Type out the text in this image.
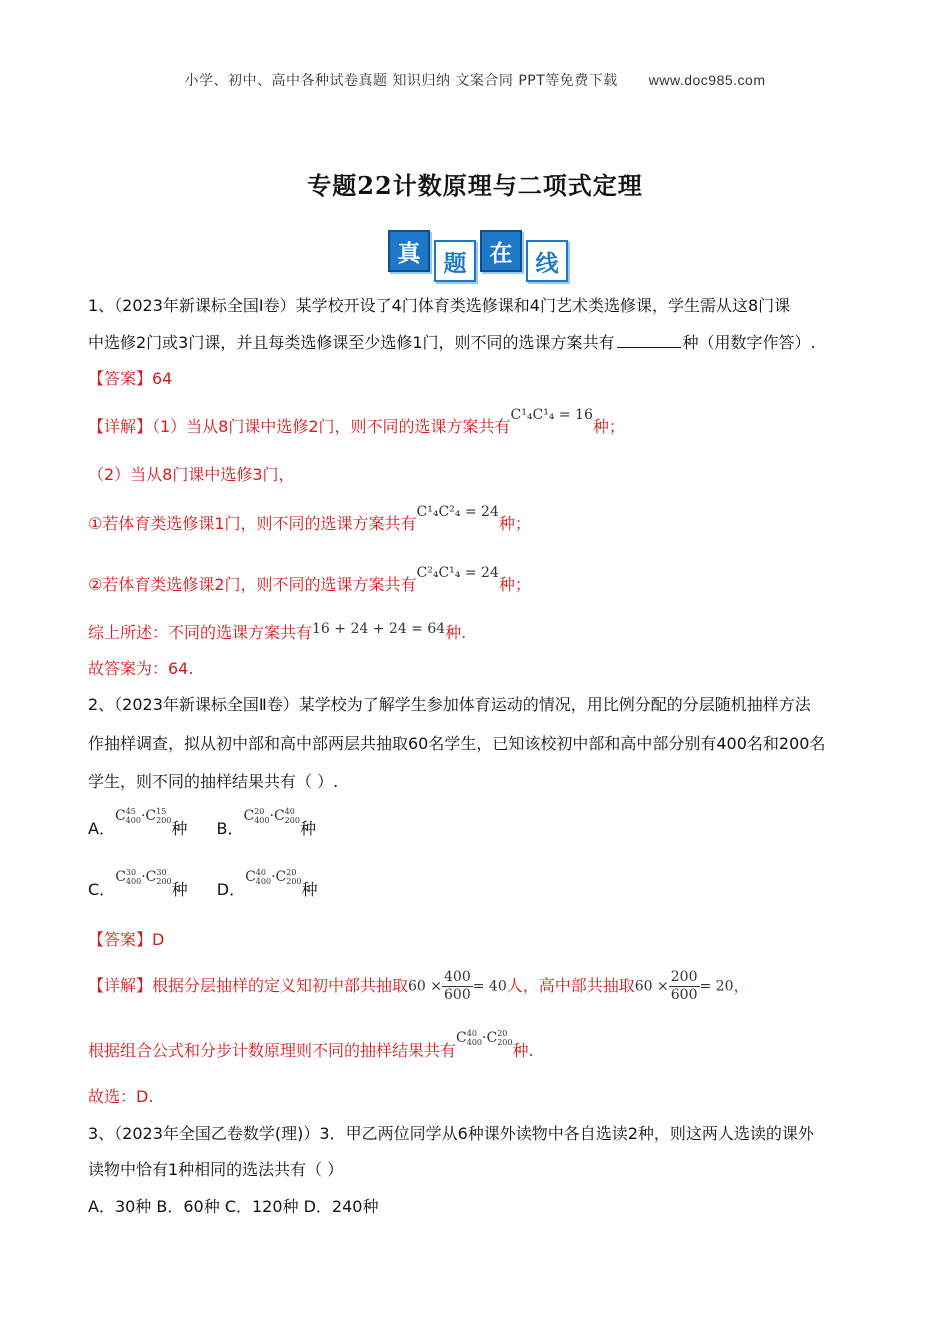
小学、初中、高中各种试卷真题 知识归纳 文案合同 PPT等免费下载 www.doc985.com
专题22计数原理与二项式定理
真	题	在	线
1、（2023年新课标全国Ⅰ卷）某学校开设了4门体育类选修课和4门艺术类选修课，学生需从这8门课
中选修2门或3门课，并且每类选修课至少选修1门，则不同的选课方案共有	种（用数字作答）.
【答案】64
【详解】（1）当从8门课中选修2门，则不同的选课方案共有C¹₄C¹₄ = 16种；
（2）当从8门课中选修3门，
①若体育类选修课1门，则不同的选课方案共有C¹₄C²₄ = 24种；
②若体育类选修课2门，则不同的选课方案共有C²₄C¹₄ = 24种；
综上所述：不同的选课方案共有16 + 24 + 24 = 64种.
故答案为：64.
2、（2023年新课标全国Ⅱ卷）某学校为了解学生参加体育运动的情况，用比例分配的分层随机抽样方法
作抽样调查，拟从初中部和高中部两层共抽取60名学生，已知该校初中部和高中部分别有400名和200名
学生，则不同的抽样结果共有（ ）.
A．C 45
400 ·C 15
200 种 B．C 20
400 ·C 40
200 种
C．C 30
400 ·C 30
200 种 D．C 40
400 ·C 20
200 种
【答案】D
【详解】根据分层抽样的定义知初中部共抽取$60 \times \frac{400}{600} = 40$人，高中部共抽取$60 \times \frac{200}{600} = 20$，
根据组合公式和分步计数原理则不同的抽样结果共有C 40
400 ·C 20
200 种.
故选：D.
3、（2023年全国乙卷数学(理)）3．甲乙两位同学从6种课外读物中各自选读2种，则这两人选读的课外
读物中恰有1种相同的选法共有（ ）
A．30种 B．60种 C．120种 D．240种
